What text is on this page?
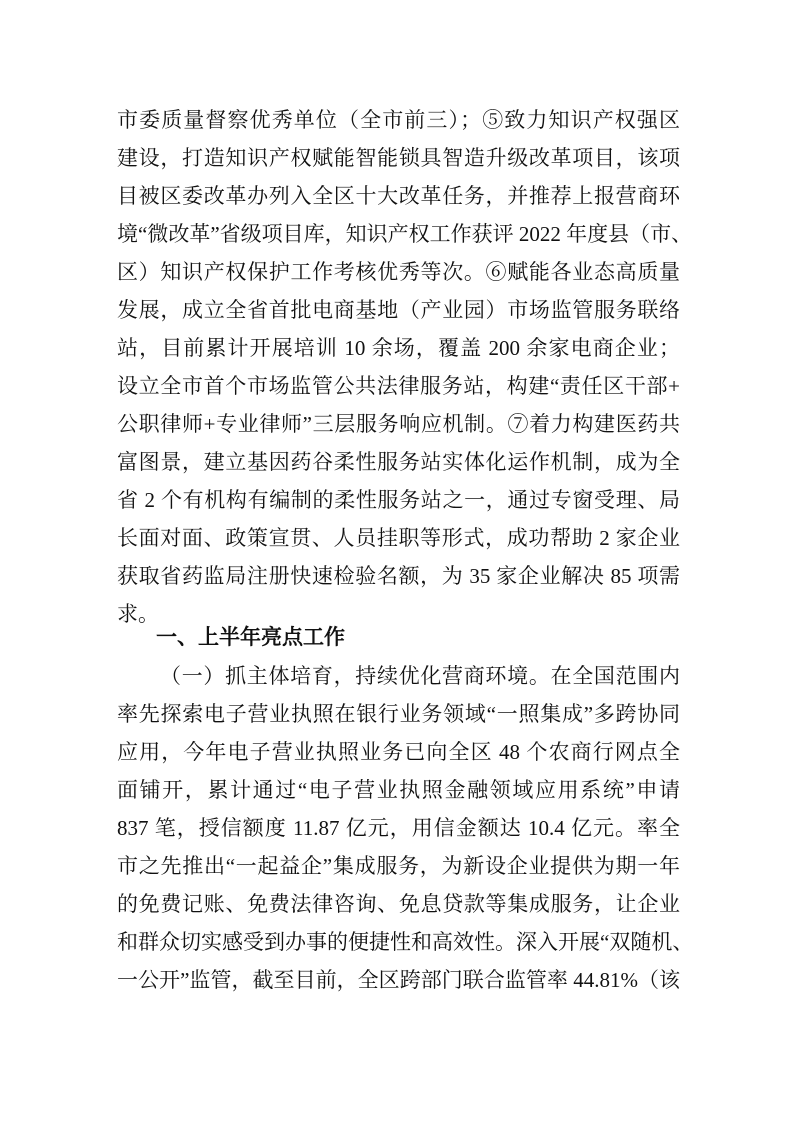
市委质量督察优秀单位（全市前三）；⑤致力知识产权强区
建设，打造知识产权赋能智能锁具智造升级改革项目，该项
目被区委改革办列入全区十大改革任务，并推荐上报营商环
境“微改革”省级项目库，知识产权工作获评 2022 年度县（市、
区）知识产权保护工作考核优秀等次。⑥赋能各业态高质量
发展，成立全省首批电商基地（产业园）市场监管服务联络
站，目前累计开展培训 10 余场，覆盖 200 余家电商企业；
设立全市首个市场监管公共法律服务站，构建“责任区干部+
公职律师+专业律师”三层服务响应机制。⑦着力构建医药共
富图景，建立基因药谷柔性服务站实体化运作机制，成为全
省 2 个有机构有编制的柔性服务站之一，通过专窗受理、局
长面对面、政策宣贯、人员挂职等形式，成功帮助 2 家企业
获取省药监局注册快速检验名额，为 35 家企业解决 85 项需
求。
（一）抓主体培育，持续优化营商环境。在全国范围内
率先探索电子营业执照在银行业务领域“一照集成”多跨协同
应用，今年电子营业执照业务已向全区 48 个农商行网点全
面铺开，累计通过“电子营业执照金融领域应用系统”申请
837 笔，授信额度 11.87 亿元，用信金额达 10.4 亿元。率全
市之先推出“一起益企”集成服务，为新设企业提供为期一年
的免费记账、免费法律咨询、免息贷款等集成服务，让企业
和群众切实感受到办事的便捷性和高效性。深入开展“双随机、
一公开”监管，截至目前，全区跨部门联合监管率 44.81%（该
一、上半年亮点工作
